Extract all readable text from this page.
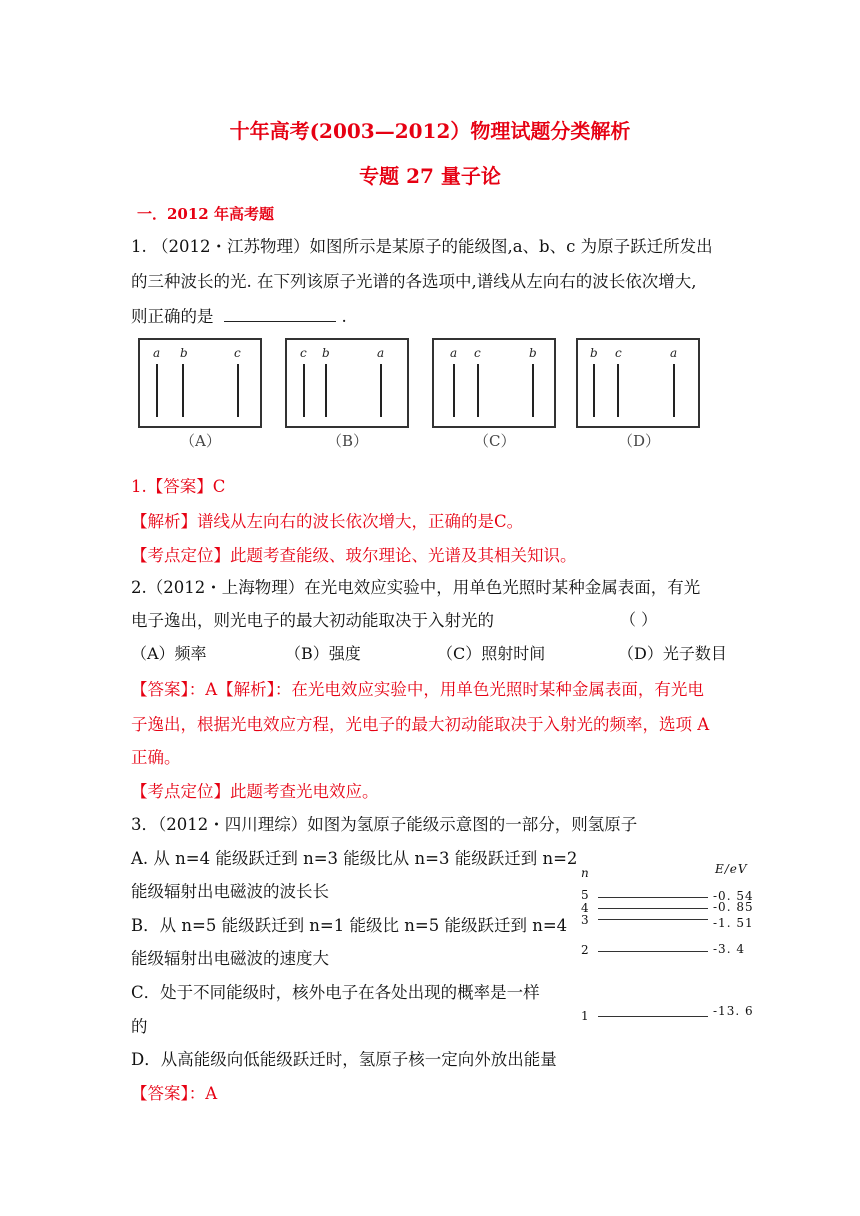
十年高考(2003—2012）物理试题分类解析
专题 27 量子论
一．2012 年高考题
1. （2012・江苏物理）如图所示是某原子的能级图,a、b、c 为原子跃迁所发出
的三种波长的光. 在下列该原子光谱的各选项中,谱线从左向右的波长依次增大,
则正确的是	.
a b	c	c b	a	a c	b	b c	a
（A）	（B）	（C）	（D）
1.【答案】C
【解析】谱线从左向右的波长依次增大，正确的是C。
【考点定位】此题考查能级、玻尔理论、光谱及其相关知识。
2.（2012・上海物理）在光电效应实验中，用单色光照时某种金属表面，有光
电子逸出，则光电子的最大初动能取决于入射光的	（ ）
（A）频率	（B）强度	（C）照射时间	（D）光子数目
【答案】：A【解析】：在光电效应实验中，用单色光照时某种金属表面，有光电
子逸出，根据光电效应方程，光电子的最大初动能取决于入射光的频率，选项 A
正确。
【考点定位】此题考查光电效应。
3．（2012・四川理综）如图为氢原子能级示意图的一部分，则氢原子
A. 从 n=4 能级跃迁到 n=3 能级比从 n=3 能级跃迁到 n=2
能级辐射出电磁波的波长长
B．从 n=5 能级跃迁到 n=1 能级比 n=5 能级跃迁到 n=4
能级辐射出电磁波的速度大
C．处于不同能级时，核外电子在各处出现的概率是一样
的
D．从高能级向低能级跃迁时，氢原子核一定向外放出能量
【答案】：A
n	E/eV
5	-0. 54
4	-0. 85
3	-1. 51
2	-3. 4
1	-13. 6
